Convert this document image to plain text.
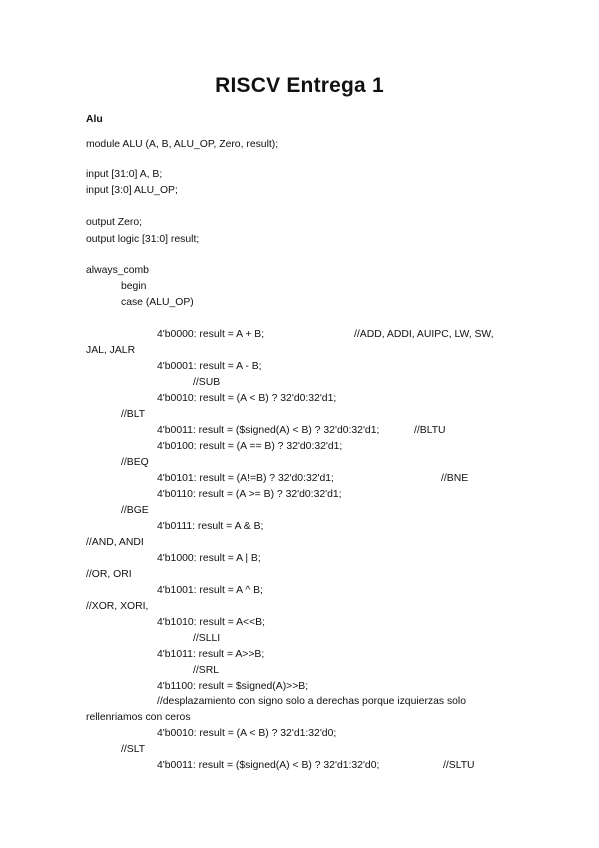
RISCV Entrega 1

Alu

module ALU (A, B, ALU_OP, Zero, result);

input [31:0] A, B;

input [3:0] ALU_OP;

output Zero;

output logic [31:0] result;

always_comb

begin

case (ALU_OP)

4'b0000: result = A + B;	//ADD, ADDI, AUIPC, LW, SW,

JAL, JALR

4'b0001: result = A - B;

//SUB

4'b0010: result = (A < B) ? 32'd0:32'd1;

//BLT

4'b0011: result = ($signed(A) < B) ? 32'd0:32'd1;	//BLTU

4'b0100: result = (A == B) ? 32'd0:32'd1;

//BEQ

4'b0101: result = (A!=B) ? 32'd0:32'd1;	//BNE

4'b0110: result = (A >= B) ? 32'd0:32'd1;

//BGE

4'b0111: result = A & B;

//AND, ANDI

4'b1000: result = A | B;

//OR, ORI

4'b1001: result = A ^ B;

//XOR, XORI,

4'b1010: result = A<<B;

//SLLI

4'b1011: result = A>>B;

//SRL

4'b1100: result = $signed(A)>>B;

//desplazamiento con signo solo a derechas porque izquierzas solo

rellenriamos con ceros

4'b0010: result = (A < B) ? 32'd1:32'd0;

//SLT

4'b0011: result = ($signed(A) < B) ? 32'd1:32'd0;	//SLTU
